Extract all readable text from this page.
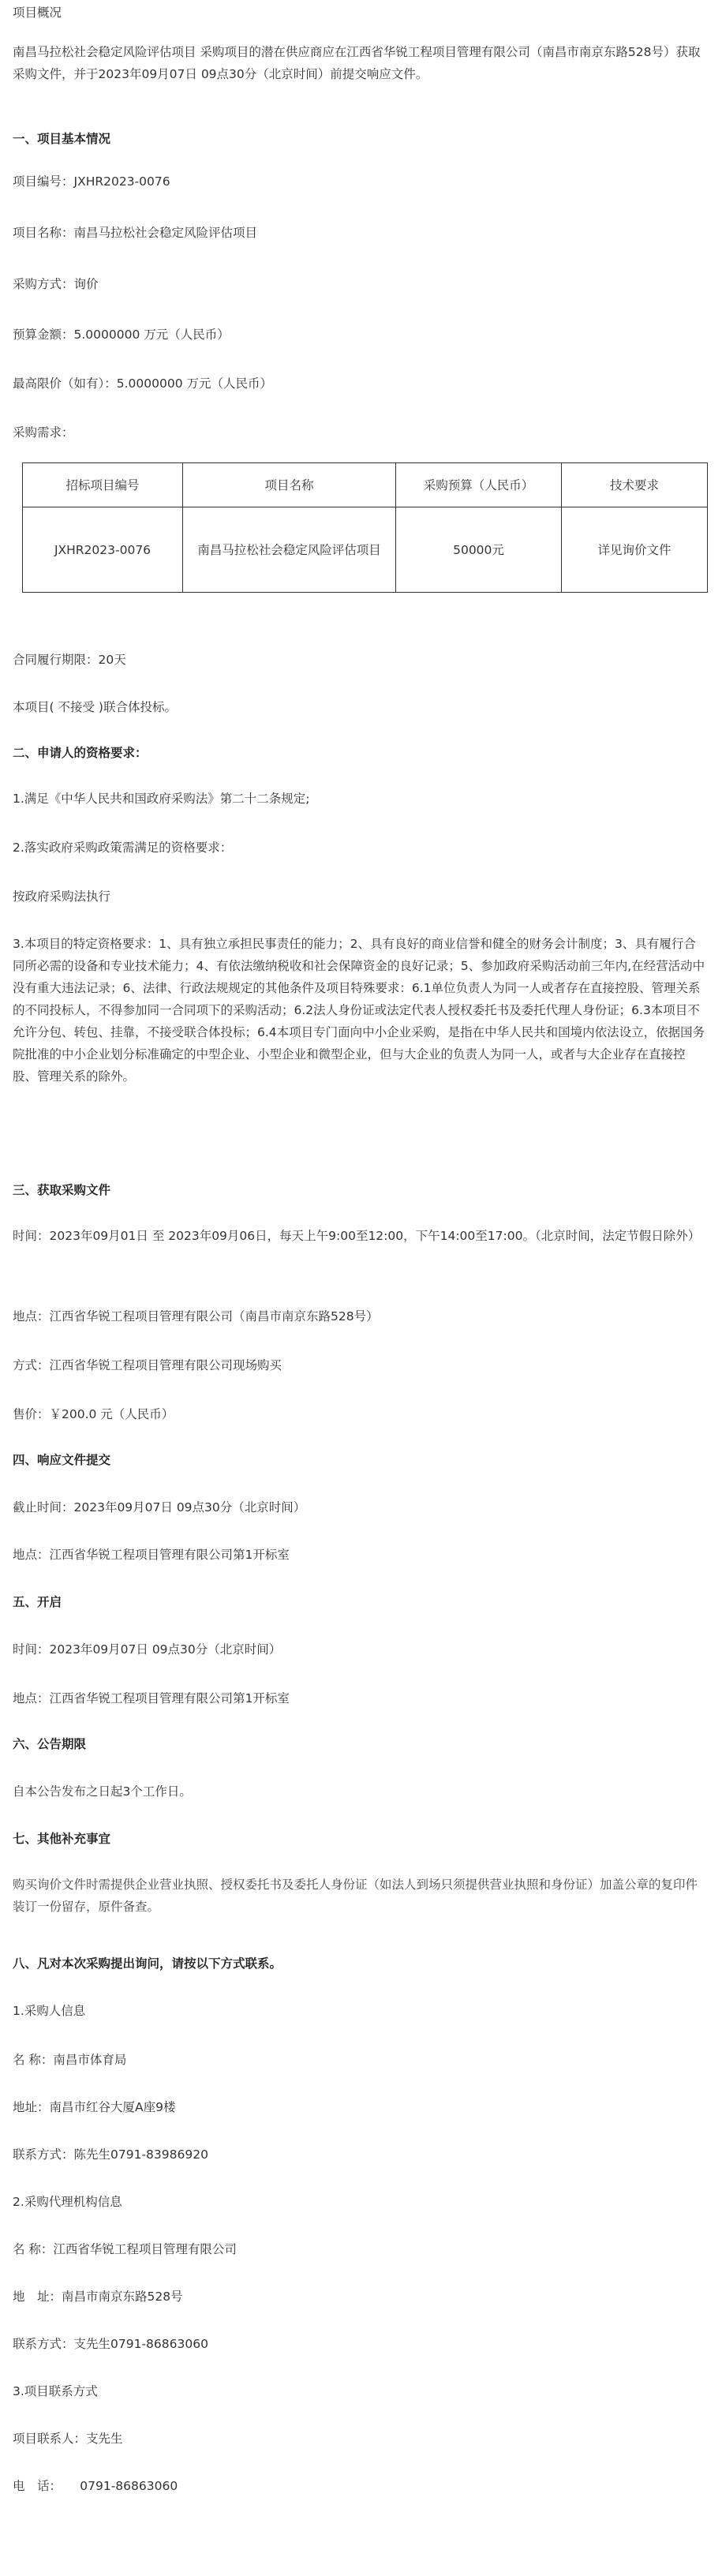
项目概况

南昌马拉松社会稳定风险评估项目 采购项目的潜在供应商应在江西省华锐工程项目管理有限公司（南昌市南京东路528号）获取采购文件，并于2023年09月07日 09点30分（北京时间）前提交响应文件。

一、项目基本情况

项目编号：JXHR2023-0076

项目名称：南昌马拉松社会稳定风险评估项目

采购方式：询价

预算金额：5.0000000 万元（人民币）

最高限价（如有）：5.0000000 万元（人民币）

采购需求：

招标项目编号	项目名称	采购预算（人民币）	技术要求
JXHR2023-0076	南昌马拉松社会稳定风险评估项目	50000元	详见询价文件

合同履行期限：20天

本项目( 不接受 )联合体投标。

二、申请人的资格要求：

1.满足《中华人民共和国政府采购法》第二十二条规定;

2.落实政府采购政策需满足的资格要求：

按政府采购法执行

3.本项目的特定资格要求：1、具有独立承担民事责任的能力；2、具有良好的商业信誉和健全的财务会计制度；3、具有履行合同所必需的设备和专业技术能力；4、有依法缴纳税收和社会保障资金的良好记录；5、参加政府采购活动前三年内,在经营活动中没有重大违法记录；6、法律、行政法规规定的其他条件及项目特殊要求：6.1单位负责人为同一人或者存在直接控股、管理关系的不同投标人，不得参加同一合同项下的采购活动；6.2法人身份证或法定代表人授权委托书及委托代理人身份证；6.3本项目不允许分包、转包、挂靠，不接受联合体投标；6.4本项目专门面向中小企业采购，是指在中华人民共和国境内依法设立，依据国务院批准的中小企业划分标准确定的中型企业、小型企业和微型企业，但与大企业的负责人为同一人，或者与大企业存在直接控股、管理关系的除外。

三、获取采购文件

时间：2023年09月01日 至 2023年09月06日，每天上午9:00至12:00，下午14:00至17:00。（北京时间，法定节假日除外）

地点：江西省华锐工程项目管理有限公司（南昌市南京东路528号）

方式：江西省华锐工程项目管理有限公司现场购买

售价：￥200.0 元（人民币）

四、响应文件提交

截止时间：2023年09月07日 09点30分（北京时间）

地点：江西省华锐工程项目管理有限公司第1开标室

五、开启

时间：2023年09月07日 09点30分（北京时间）

地点：江西省华锐工程项目管理有限公司第1开标室

六、公告期限

自本公告发布之日起3个工作日。

七、其他补充事宜

购买询价文件时需提供企业营业执照、授权委托书及委托人身份证（如法人到场只须提供营业执照和身份证）加盖公章的复印件装订一份留存，原件备查。

八、凡对本次采购提出询问，请按以下方式联系。

1.采购人信息

名 称：南昌市体育局

地址：南昌市红谷大厦A座9楼

联系方式：陈先生0791-83986920

2.采购代理机构信息

名 称：江西省华锐工程项目管理有限公司

地　址：南昌市南京东路528号

联系方式：支先生0791-86863060

3.项目联系方式

项目联系人：支先生

电　话：　　0791-86863060
